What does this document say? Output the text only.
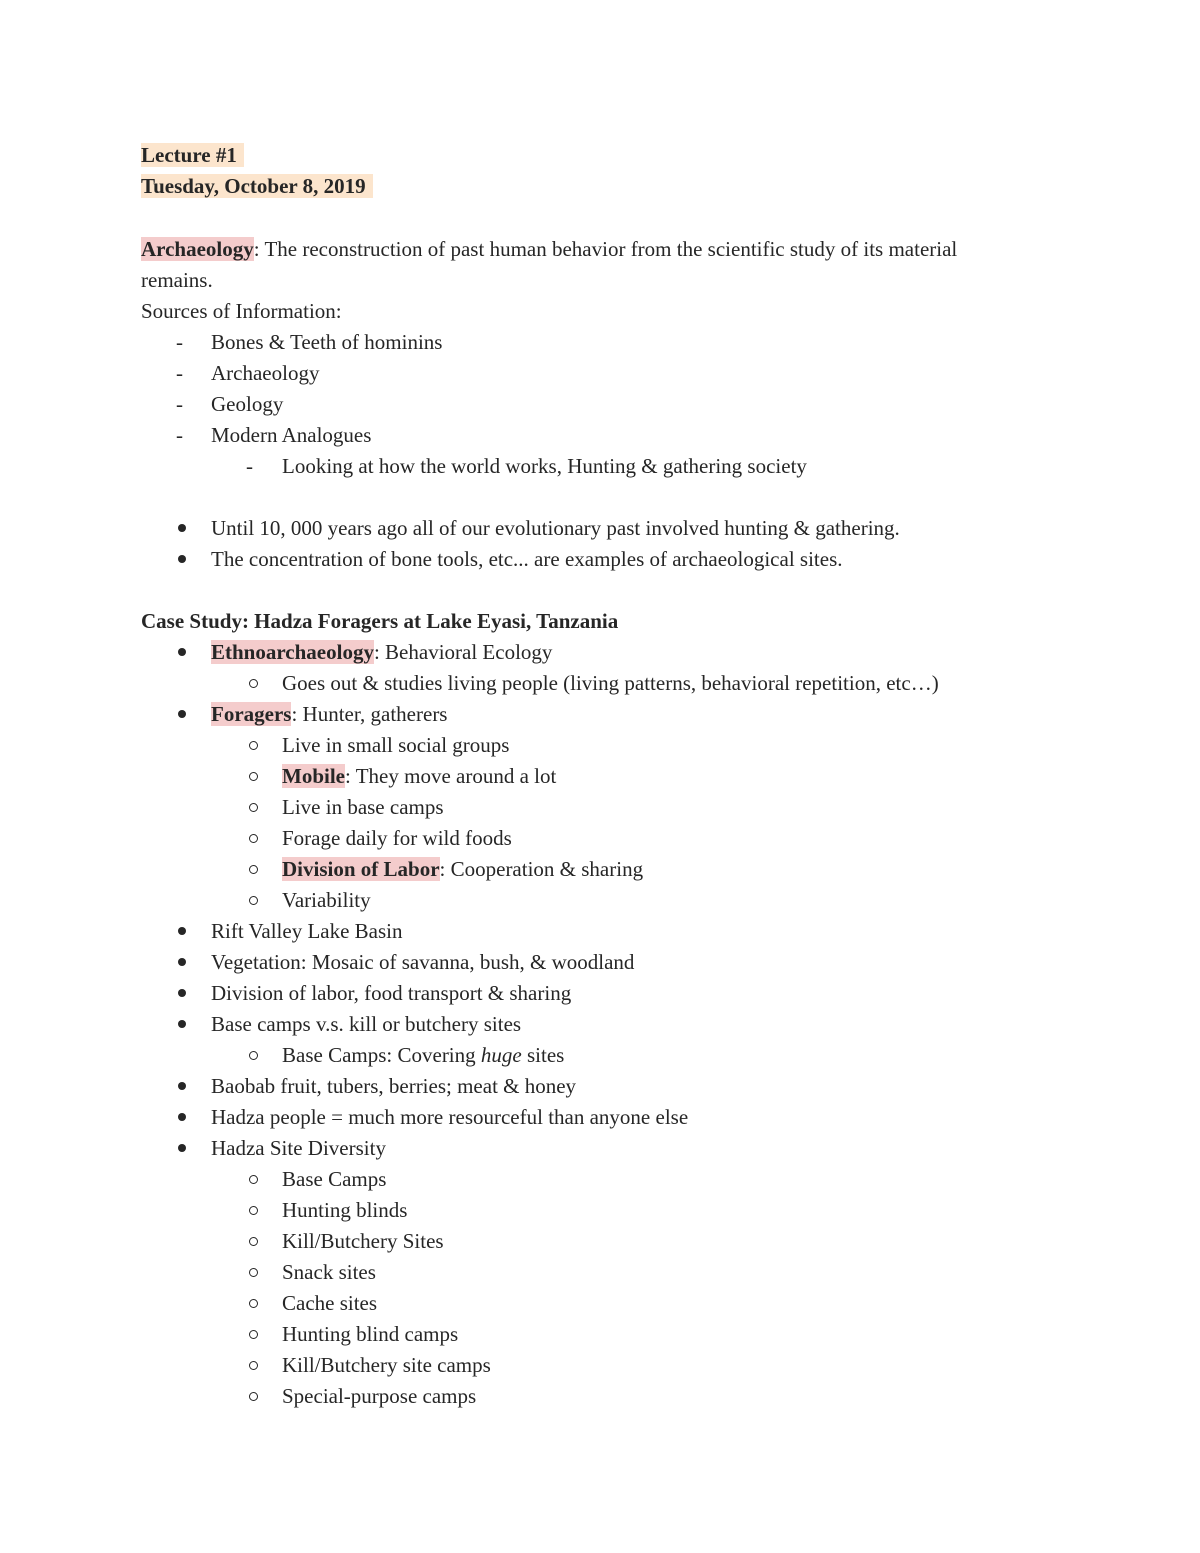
Lecture #1
Tuesday, October 8, 2019
Archaeology: The reconstruction of past human behavior from the scientific study of its material
remains.
Sources of Information:
- Bones & Teeth of hominins
- Archaeology
- Geology
- Modern Analogues
- Looking at how the world works, Hunting & gathering society
Until 10, 000 years ago all of our evolutionary past involved hunting & gathering.
The concentration of bone tools, etc... are examples of archaeological sites.
Case Study: Hadza Foragers at Lake Eyasi, Tanzania
Ethnoarchaeology: Behavioral Ecology
Goes out & studies living people (living patterns, behavioral repetition, etc…)
Foragers: Hunter, gatherers
Live in small social groups
Mobile: They move around a lot
Live in base camps
Forage daily for wild foods
Division of Labor: Cooperation & sharing
Variability
Rift Valley Lake Basin
Vegetation: Mosaic of savanna, bush, & woodland
Division of labor, food transport & sharing
Base camps v.s. kill or butchery sites
Base Camps: Covering huge sites
Baobab fruit, tubers, berries; meat & honey
Hadza people = much more resourceful than anyone else
Hadza Site Diversity
Base Camps
Hunting blinds
Kill/Butchery Sites
Snack sites
Cache sites
Hunting blind camps
Kill/Butchery site camps
Special-purpose camps
